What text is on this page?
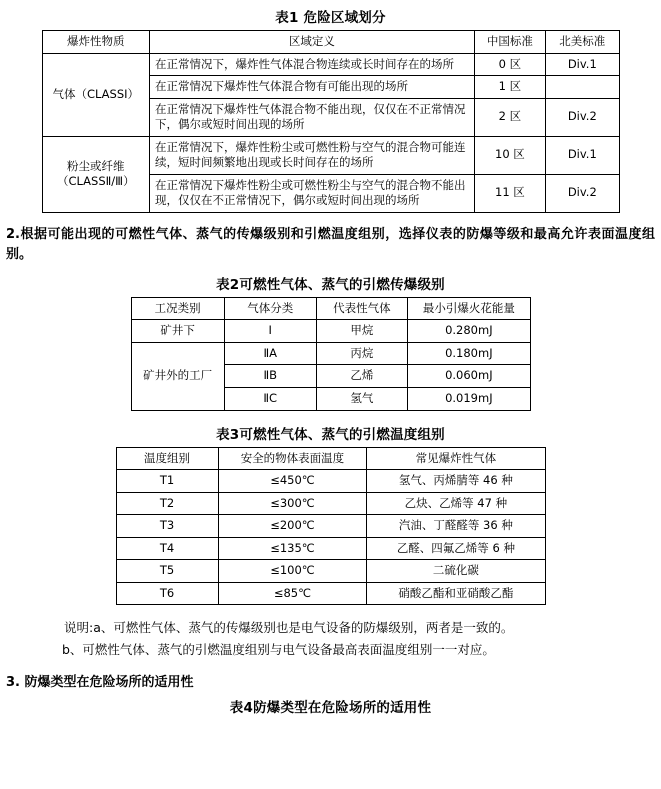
表1 危险区域划分
爆炸性物质	区域定义	中国标准	北美标准
气体（CLASSⅠ）	在正常情况下，爆炸性气体混合物连续或长时间存在的场所	0 区	Div.1
	在正常情况下爆炸性气体混合物有可能出现的场所	1 区	
	在正常情况下爆炸性气体混合物不能出现，仅仅在不正常情况下，偶尔或短时间出现的场所	2 区	Div.2
粉尘或纤维（CLASSⅡ/Ⅲ）	在正常情况下，爆炸性粉尘或可燃性粉与空气的混合物可能连续，短时间频繁地出现或长时间存在的场所	10 区	Div.1
	在正常情况下爆炸性粉尘或可燃性粉尘与空气的混合物不能出现，仅仅在不正常情况下，偶尔或短时间出现的场所	11 区	Div.2
2.根据可能出现的可燃性气体、蒸气的传爆级别和引燃温度组别，选择仪表的防爆等级和最高允许表面温度组别。
表2可燃性气体、蒸气的引燃传爆级别
工况类别	气体分类	代表性气体	最小引爆火花能量
矿井下	Ⅰ	甲烷	0.280mJ
矿井外的工厂	ⅡA	丙烷	0.180mJ
	ⅡB	乙烯	0.060mJ
	ⅡC	氢气	0.019mJ
表3可燃性气体、蒸气的引燃温度组别
温度组别	安全的物体表面温度	常见爆炸性气体
T1	≤450℃	氢气、丙烯腈等 46 种
T2	≤300℃	乙炔、乙烯等 47 种
T3	≤200℃	汽油、丁醛醛等 36 种
T4	≤135℃	乙醛、四氟乙烯等 6 种
T5	≤100℃	二硫化碳
T6	≤85℃	硝酸乙酯和亚硝酸乙酯
说明:a、可燃性气体、蒸气的传爆级别也是电气设备的防爆级别，两者是一致的。
b、可燃性气体、蒸气的引燃温度组别与电气设备最高表面温度组别一一对应。
3. 防爆类型在危险场所的适用性
表4防爆类型在危险场所的适用性
